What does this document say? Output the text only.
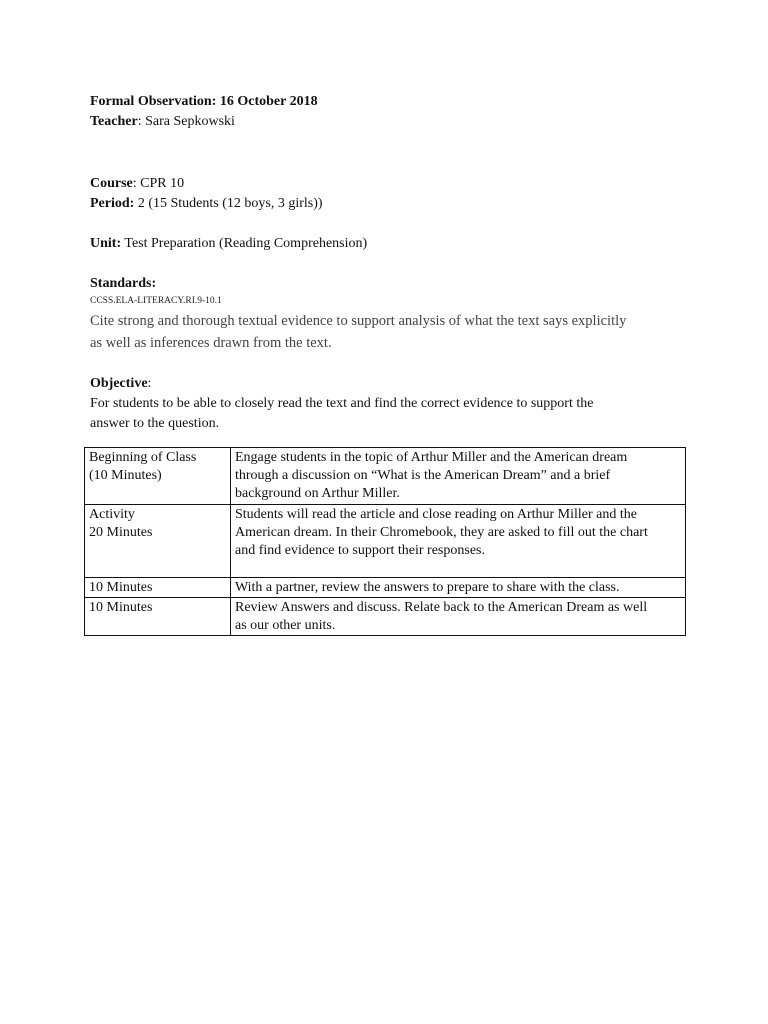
Formal Observation: 16 October 2018

Teacher: Sara Sepkowski

Course: CPR 10

Period: 2 (15 Students (12 boys, 3 girls))

Unit: Test Preparation (Reading Comprehension)

Standards:

CCSS.ELA-LITERACY.RI.9-10.1

Cite strong and thorough textual evidence to support analysis of what the text says explicitly
as well as inferences drawn from the text.

Objective:

For students to be able to closely read the text and find the correct evidence to support the
answer to the question.
Beginning of Class
(10 Minutes)	Engage students in the topic of Arthur Miller and the American dream
through a discussion on “What is the American Dream” and a brief
background on Arthur Miller.

Activity
20 Minutes	Students will read the article and close reading on Arthur Miller and the
American dream. In their Chromebook, they are asked to fill out the chart
and find evidence to support their responses.

10 Minutes	With a partner, review the answers to prepare to share with the class.

10 Minutes	Review Answers and discuss. Relate back to the American Dream as well
as our other units.
